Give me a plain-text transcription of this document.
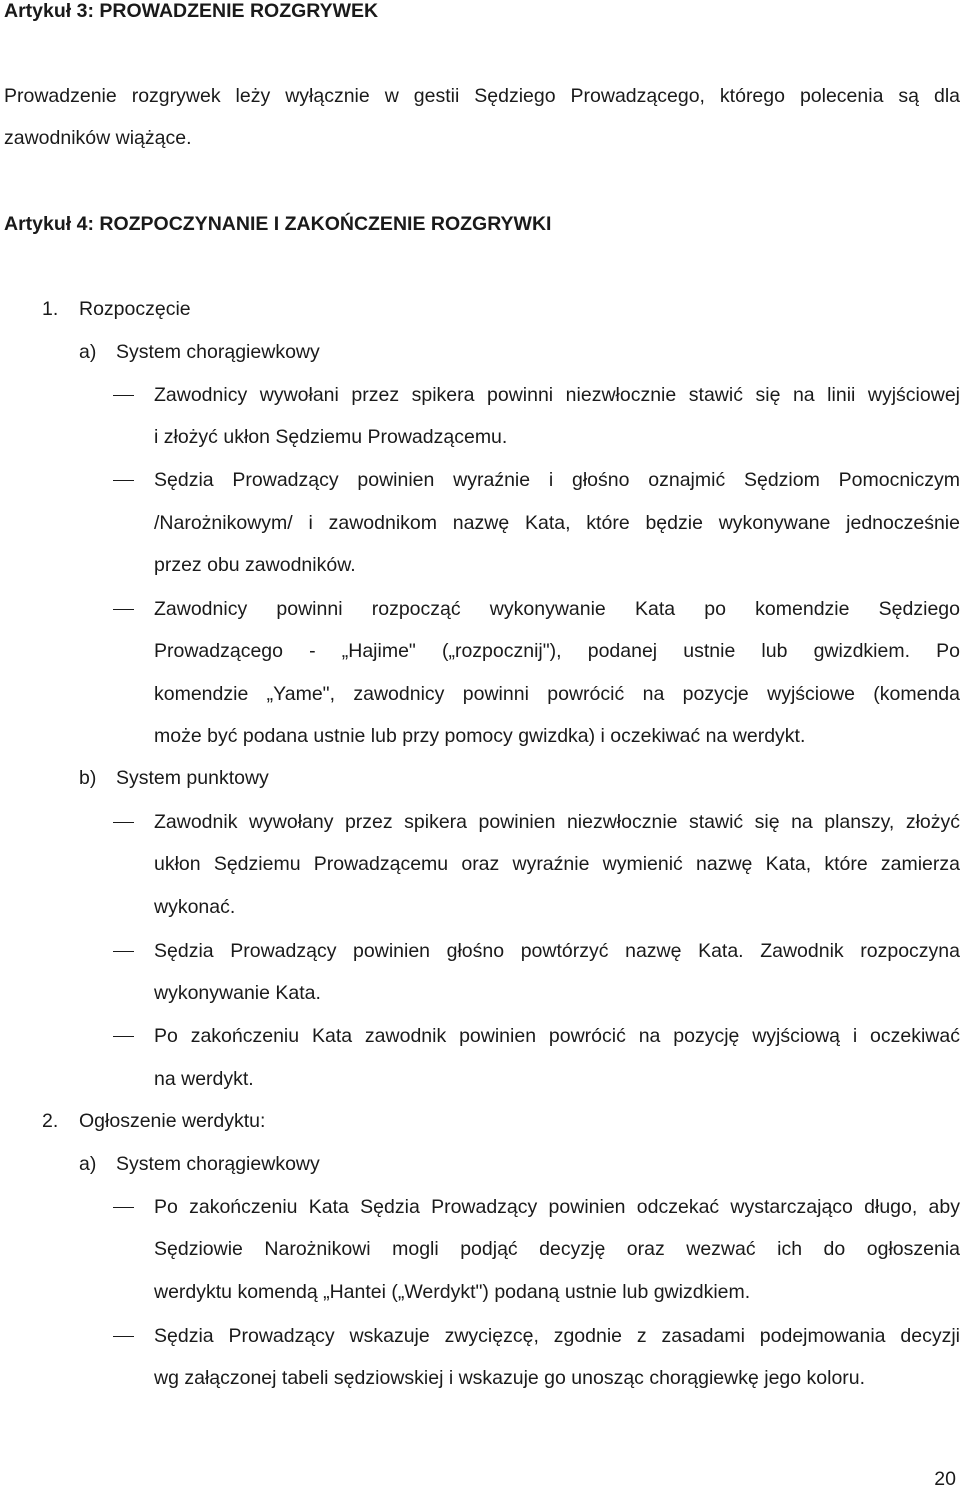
Artykuł 3: PROWADZENIE ROZGRYWEK
Prowadzenie rozgrywek leży wyłącznie w gestii Sędziego Prowadzącego, którego polecenia są dla
zawodników wiążące.
Artykuł 4: ROZPOCZYNANIE I ZAKOŃCZENIE ROZGRYWKI
1. Rozpoczęcie
a) System chorągiewkowy
Zawodnicy wywołani przez spikera powinni niezwłocznie stawić się na linii wyjściowej
i złożyć ukłon Sędziemu Prowadzącemu.
Sędzia Prowadzący powinien wyraźnie i głośno oznajmić Sędziom Pomocniczym
/Narożnikowym/ i zawodnikom nazwę Kata, które będzie wykonywane jednocześnie
przez obu zawodników.
Zawodnicy powinni rozpocząć wykonywanie Kata po komendzie Sędziego
Prowadzącego - „Hajime" („rozpocznij"), podanej ustnie lub gwizdkiem. Po
komendzie „Yame", zawodnicy powinni powrócić na pozycje wyjściowe (komenda
może być podana ustnie lub przy pomocy gwizdka) i oczekiwać na werdykt.
b) System punktowy
Zawodnik wywołany przez spikera powinien niezwłocznie stawić się na planszy, złożyć
ukłon Sędziemu Prowadzącemu oraz wyraźnie wymienić nazwę Kata, które zamierza
wykonać.
Sędzia Prowadzący powinien głośno powtórzyć nazwę Kata. Zawodnik rozpoczyna
wykonywanie Kata.
Po zakończeniu Kata zawodnik powinien powrócić na pozycję wyjściową i oczekiwać
na werdykt.
2. Ogłoszenie werdyktu:
a) System chorągiewkowy
Po zakończeniu Kata Sędzia Prowadzący powinien odczekać wystarczająco długo, aby
Sędziowie Narożnikowi mogli podjąć decyzję oraz wezwać ich do ogłoszenia
werdyktu komendą „Hantei („Werdykt") podaną ustnie lub gwizdkiem.
Sędzia Prowadzący wskazuje zwycięzcę, zgodnie z zasadami podejmowania decyzji
wg załączonej tabeli sędziowskiej i wskazuje go unosząc chorągiewkę jego koloru.
20
